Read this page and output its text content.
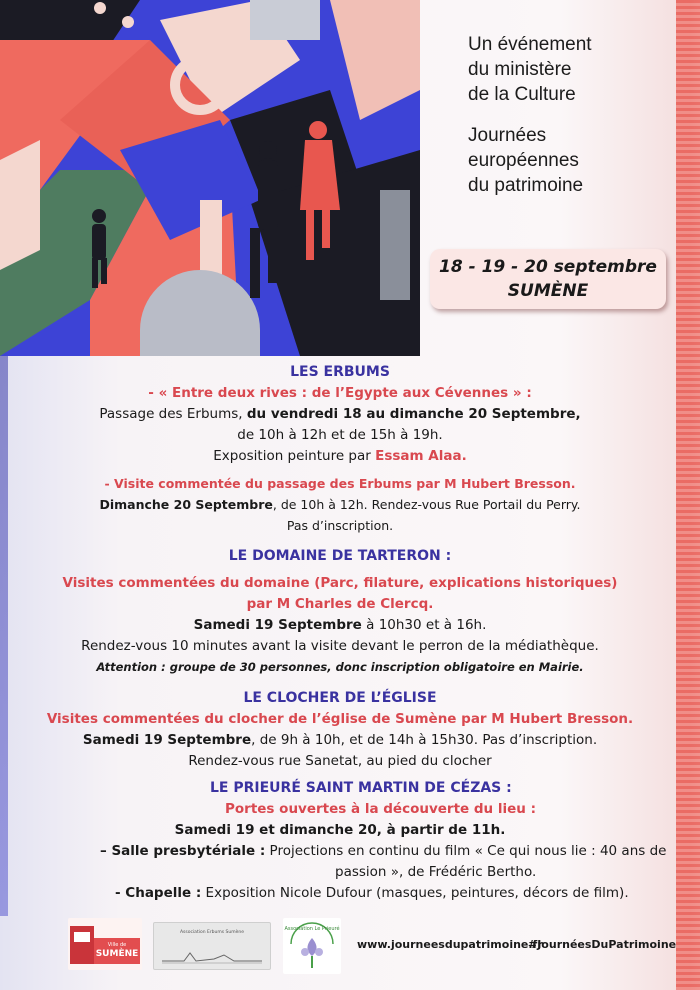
Un événement
du ministère
de la Culture
Journées
européennes
du patrimoine
18 - 19 - 20 septembre
SUMÈNE
LES ERBUMS
- « Entre deux rives : de l’Egypte aux Cévennes » :
Passage des Erbums, du vendredi 18 au dimanche 20 Septembre,
de 10h à 12h et de 15h à 19h.
Exposition peinture par Essam Alaa.
- Visite commentée du passage des Erbums par M Hubert Bresson.
Dimanche 20 Septembre, de 10h à 12h. Rendez-vous Rue Portail du Perry.
Pas d’inscription.
LE DOMAINE DE TARTERON :
Visites commentées du domaine (Parc, filature, explications historiques)
par M Charles de Clercq.
Samedi 19 Septembre à 10h30 et à 16h.
Rendez-vous 10 minutes avant la visite devant le perron de la médiathèque.
Attention : groupe de 30 personnes, donc inscription obligatoire en Mairie.
LE CLOCHER DE L’ÉGLISE
Visites commentées du clocher de l’église de Sumène par M Hubert Bresson.
Samedi 19 Septembre, de 9h à 10h, et de 14h à 15h30. Pas d’inscription.
Rendez-vous rue Sanetat, au pied du clocher
LE PRIEURÉ SAINT MARTIN DE CÉZAS :
Portes ouvertes à la découverte du lieu :
Samedi 19 et dimanche 20, à partir de 11h.
– Salle presbytériale : Projections en continu du film « Ce qui nous lie : 40 ans de
passion », de Frédéric Bertho.
- Chapelle : Exposition Nicole Dufour (masques, peintures, décors de film).
SUMÈNE
Ville de
Association Erbums Sumène
Association Le Prieuré
www.journeesdupatrimoine.fr
#JournéesDuPatrimoine
